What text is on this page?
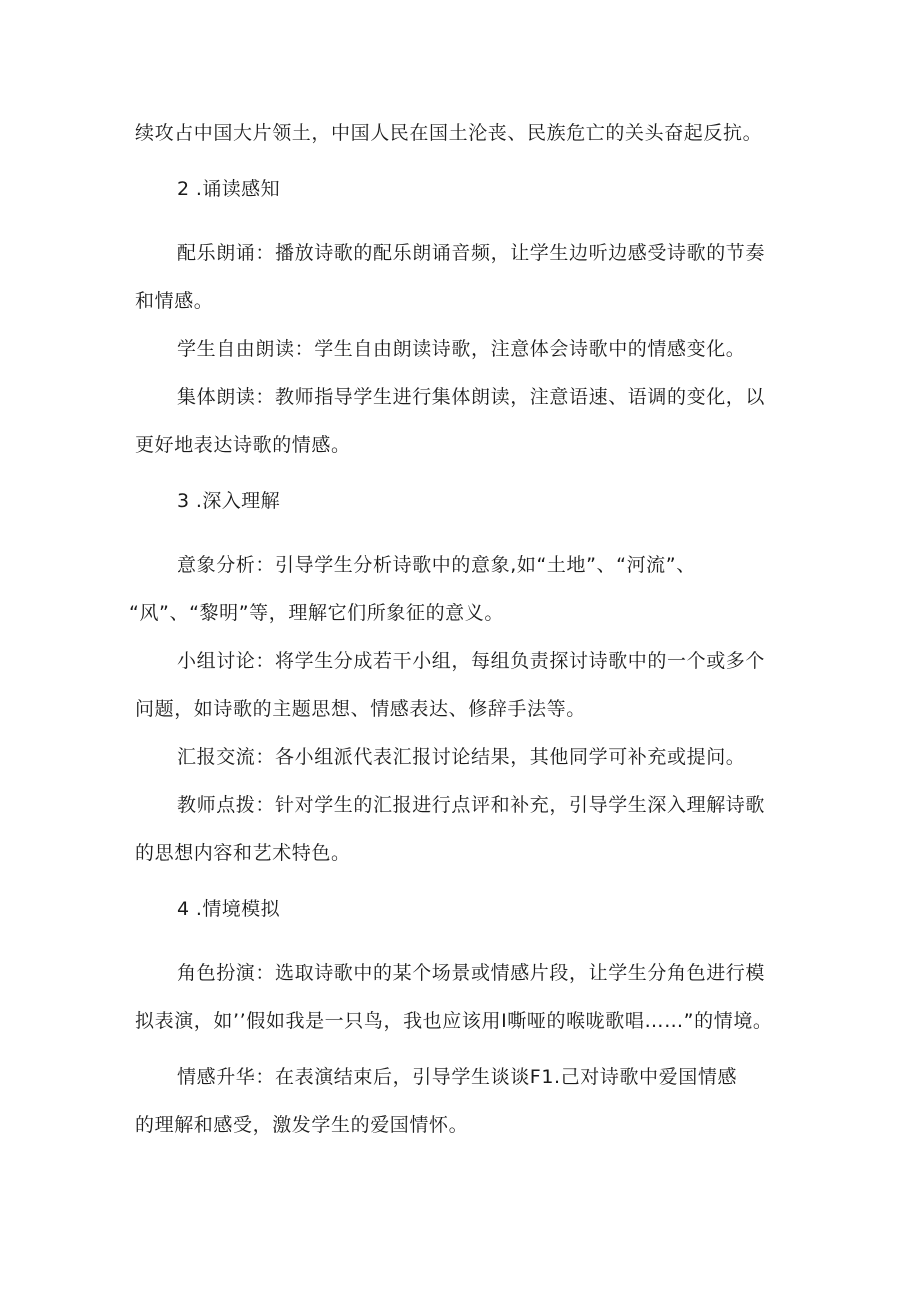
续攻占中国大片领土，中国人民在国土沦丧、民族危亡的关头奋起反抗。
2 .诵读感知
配乐朗诵：播放诗歌的配乐朗诵音频，让学生边听边感受诗歌的节奏
和情感。
学生自由朗读：学生自由朗读诗歌，注意体会诗歌中的情感变化。
集体朗读：教师指导学生进行集体朗读，注意语速、语调的变化，以
更好地表达诗歌的情感。
3 .深入理解
意象分析：引导学生分析诗歌中的意象,如“土地”、“河流”、
“风”、“黎明”等，理解它们所象征的意义。
小组讨论：将学生分成若干小组，每组负责探讨诗歌中的一个或多个
问题，如诗歌的主题思想、情感表达、修辞手法等。
汇报交流：各小组派代表汇报讨论结果，其他同学可补充或提问。
教师点拨：针对学生的汇报进行点评和补充，引导学生深入理解诗歌
的思想内容和艺术特色。
4 .情境模拟
角色扮演：选取诗歌中的某个场景或情感片段，让学生分角色进行模
拟表演，如’’假如我是一只鸟，我也应该用I嘶哑的喉咙歌唱……”的情境。
情感升华：在表演结束后，引导学生谈谈F1.己对诗歌中爱国情感
的理解和感受，激发学生的爱国情怀。
